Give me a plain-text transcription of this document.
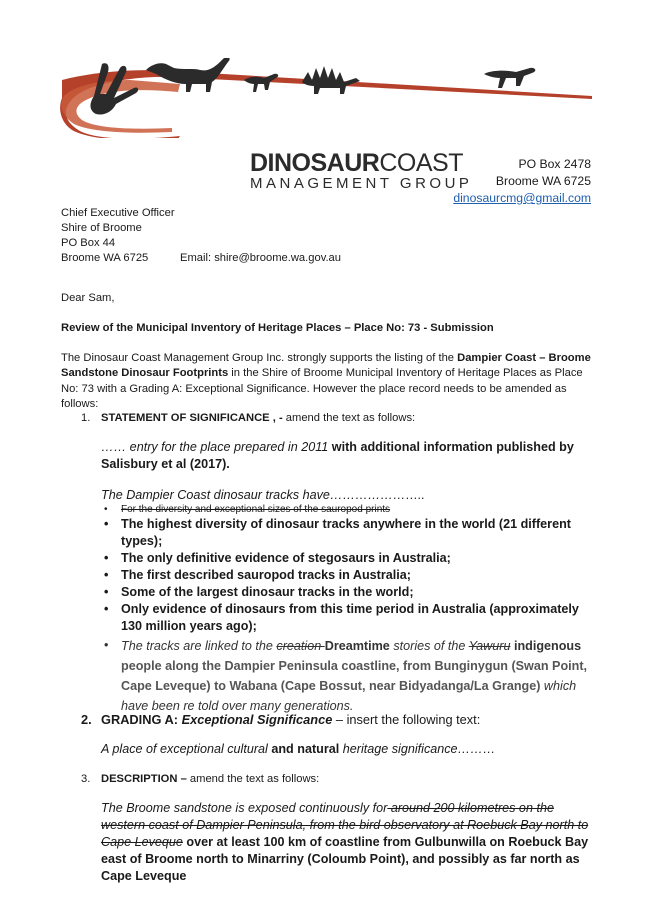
DINOSAURCOAST
MANAGEMENT GROUP
PO Box 2478
Broome WA 6725
dinosaurcmg@gmail.com
Chief Executive Officer
Shire of Broome
PO Box 44
Broome WA 6725	Email: shire@broome.wa.gov.au
Dear Sam,
Review of the Municipal Inventory of Heritage Places – Place No: 73 - Submission
The Dinosaur Coast Management Group Inc. strongly supports the listing of the Dampier Coast – Broome Sandstone Dinosaur Footprints in the Shire of Broome Municipal Inventory of Heritage Places as Place No: 73 with a Grading A: Exceptional Significance. However the place record needs to be amended as follows:
1. STATEMENT OF SIGNIFICANCE , - amend the text as follows:
…… entry for the place prepared in 2011 with additional information published by Salisbury et al (2017).
The Dampier Coast dinosaur tracks have…………………..
• For the diversity and exceptional sizes of the sauropod prints
• The highest diversity of dinosaur tracks anywhere in the world (21 different types);
• The only definitive evidence of stegosaurs in Australia;
• The first described sauropod tracks in Australia;
• Some of the largest dinosaur tracks in the world;
• Only evidence of dinosaurs from this time period in Australia (approximately 130 million years ago);
• The tracks are linked to the creation Dreamtime stories of the Yawuru indigenous people along the Dampier Peninsula coastline, from Bunginygun (Swan Point, Cape Leveque) to Wabana (Cape Bossut, near Bidyadanga/La Grange) which have been re told over many generations.
2. GRADING A: Exceptional Significance – insert the following text:
A place of exceptional cultural and natural heritage significance………
3. DESCRIPTION – amend the text as follows:
The Broome sandstone is exposed continuously for around 200 kilometres on the western coast of Dampier Peninsula, from the bird observatory at Roebuck Bay north to Cape Leveque over at least 100 km of coastline from Gulbunwilla on Roebuck Bay east of Broome north to Minarriny (Coloumb Point), and possibly as far north as Cape Leveque
